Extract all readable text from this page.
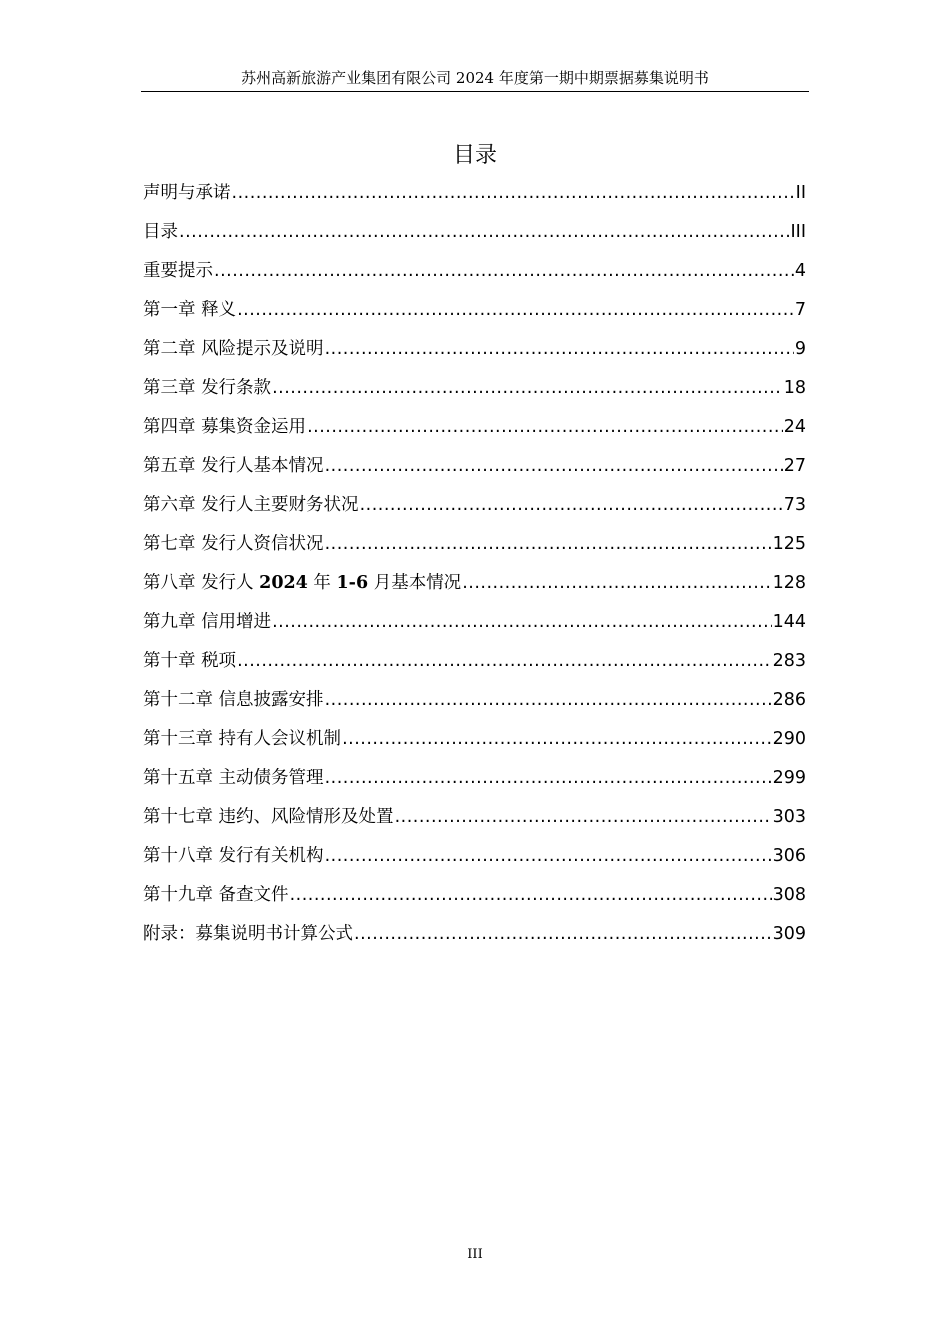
苏州高新旅游产业集团有限公司 2024 年度第一期中期票据募集说明书
目录
声明与承诺 .....	II
目录 .....	III
重要提示 .....	4
第一章 释义 .....	7
第二章 风险提示及说明 .....	9
第三章 发行条款 .....	18
第四章 募集资金运用 .....	24
第五章 发行人基本情况 .....	27
第六章 发行人主要财务状况 .....	73
第七章 发行人资信状况 .....	125
第八章 发行人 2024 年 1-6 月基本情况 .....	128
第九章 信用增进 .....	144
第十章 税项 .....	283
第十二章 信息披露安排 .....	286
第十三章 持有人会议机制 .....	290
第十五章 主动债务管理 .....	299
第十七章 违约、风险情形及处置 .....	303
第十八章 发行有关机构 .....	306
第十九章 备查文件 .....	308
附录：募集说明书计算公式 .....	309
III
